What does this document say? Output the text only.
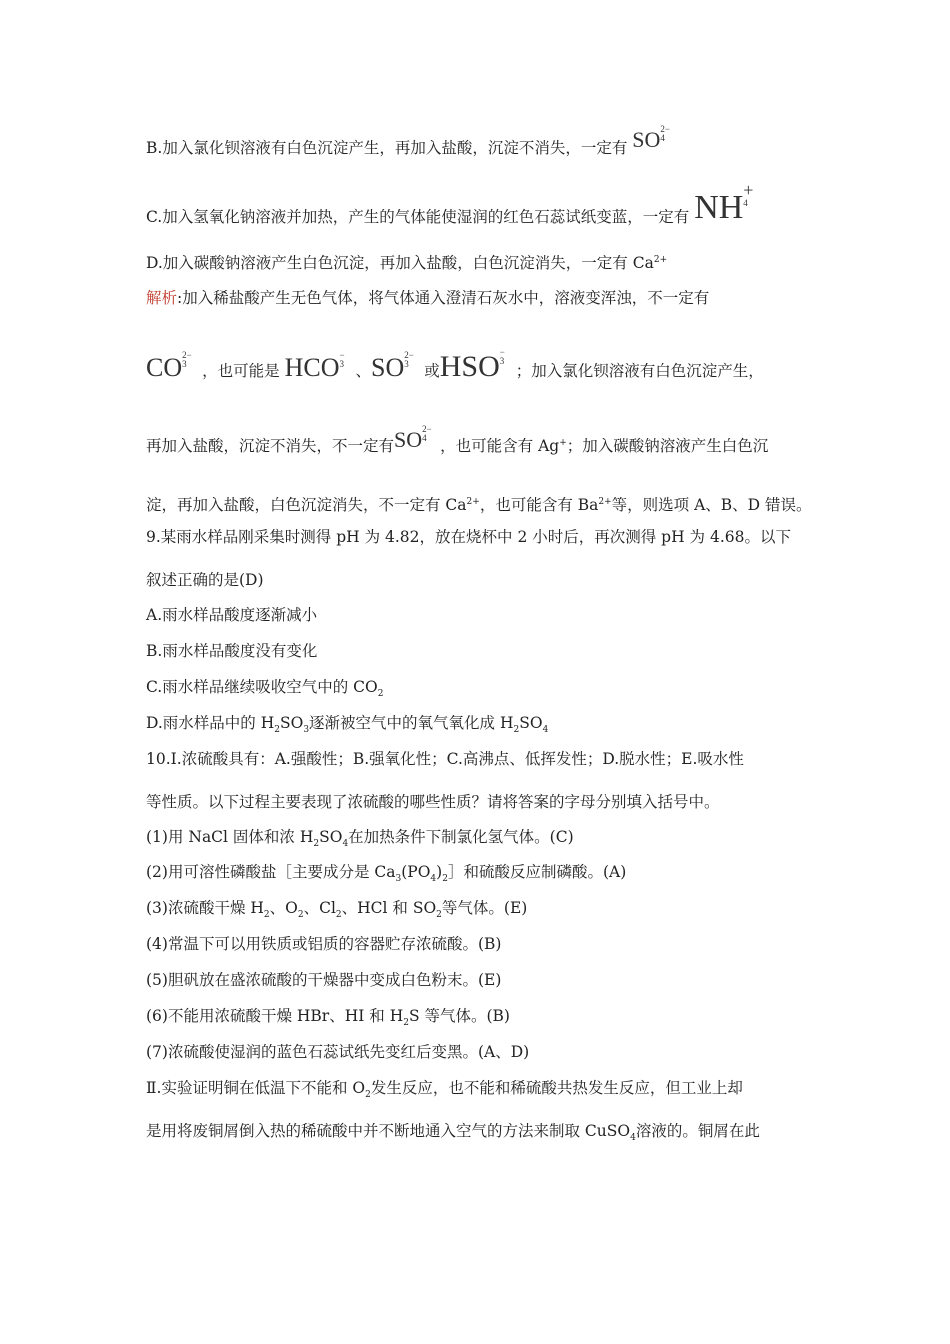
B.加入氯化钡溶液有白色沉淀产生，再加入盐酸，沉淀不消失，一定有 SO 2−
4
C.加入氢氧化钠溶液并加热，产生的气体能使湿润的红色石蕊试纸变蓝，一定有 NH +
4
D.加入碳酸钠溶液产生白色沉淀，再加入盐酸，白色沉淀消失，一定有 $Ca^{2+}$
解析:加入稀盐酸产生无色气体，将气体通入澄清石灰水中，溶液变浑浊，不一定有
CO 2−
3	，也可能是 HCO −
3 、SO 2−
3	或HSO −
3
；加入氯化钡溶液有白色沉淀产生，
再加入盐酸，沉淀不消失，不一定有SO 2−
4 ，也可能含有 Ag+；加入碳酸钠溶液产生白色沉
淀，再加入盐酸，白色沉淀消失，不一定有 $Ca^{2+}$，也可能含有 $Ba^{2+}$等，则选项 A、B、D 错误。
9.某雨水样品刚采集时测得 pH 为 4.82，放在烧杯中 2 小时后，再次测得 pH 为 4.68。以下
叙述正确的是(D)
A.雨水样品酸度逐渐减小
B.雨水样品酸度没有变化
C.雨水样品继续吸收空气中的 $CO_2$
D.雨水样品中的 $H_2SO_3$逐渐被空气中的氧气氧化成 $H_2SO_4$
10.Ⅰ.浓硫酸具有：A.强酸性；B.强氧化性；C.高沸点、低挥发性；D.脱水性；E.吸水性
等性质。以下过程主要表现了浓硫酸的哪些性质？请将答案的字母分别填入括号中。
(1)用 NaCl 固体和浓 $H_2SO_4$在加热条件下制氯化氢气体。(C)
(2)用可溶性磷酸盐［主要成分是 $Ca_3(PO_4)_2]$和硫酸反应制磷酸。(A)
(3)浓硫酸干燥 $H_2$、$O_2$、$Cl_2$、HCl 和 $SO_2$等气体。(E)
(4)常温下可以用铁质或铝质的容器贮存浓硫酸。(B)
(5)胆矾放在盛浓硫酸的干燥器中变成白色粉末。(E)
(6)不能用浓硫酸干燥 HBr、HI 和 $H_2S$ 等气体。(B)
(7)浓硫酸使湿润的蓝色石蕊试纸先变红后变黑。(A、D)
Ⅱ.实验证明铜在低温下不能和 $O_2$发生反应，也不能和稀硫酸共热发生反应，但工业上却
是用将废铜屑倒入热的稀硫酸中并不断地通入空气的方法来制取 CuSO$_4$溶液的。铜屑在此
